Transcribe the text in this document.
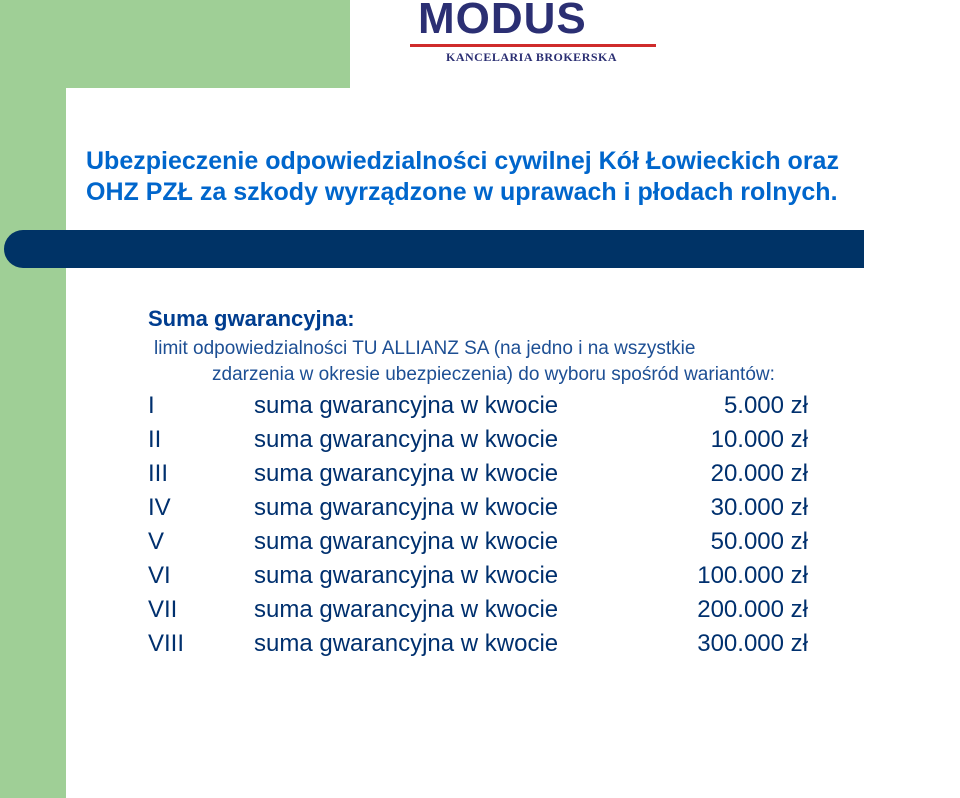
MODUS
KANCELARIA BROKERSKA
Ubezpieczenie odpowiedzialności cywilnej Kół Łowieckich oraz
OHZ PZŁ za szkody wyrządzone w uprawach i płodach rolnych.
Suma gwarancyjna:
limit odpowiedzialności TU ALLIANZ SA (na jedno i na wszystkie
zdarzenia w okresie ubezpieczenia) do wyboru spośród wariantów:
I	suma gwarancyjna w kwocie	5.000 zł
II	suma gwarancyjna w kwocie	10.000 zł
III	suma gwarancyjna w kwocie	20.000 zł
IV	suma gwarancyjna w kwocie	30.000 zł
V	suma gwarancyjna w kwocie	50.000 zł
VI	suma gwarancyjna w kwocie	100.000 zł
VII	suma gwarancyjna w kwocie	200.000 zł
VIII	suma gwarancyjna w kwocie	300.000 zł
